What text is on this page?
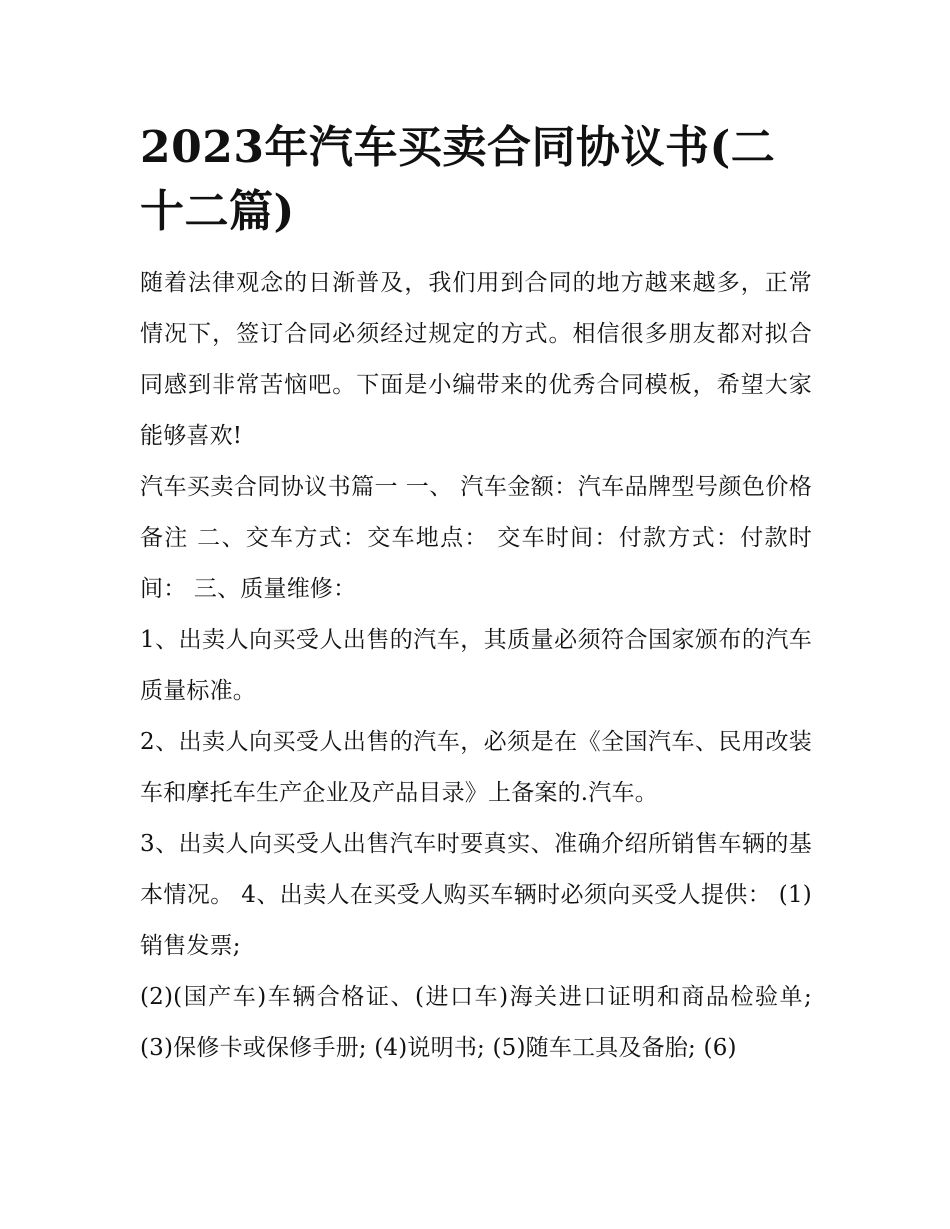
2023年汽车买卖合同协议书(二十二篇)

随着法律观念的日渐普及，我们用到合同的地方越来越多，正常情况下，签订合同必须经过规定的方式。相信很多朋友都对拟合同感到非常苦恼吧。下面是小编带来的优秀合同模板，希望大家能够喜欢!

汽车买卖合同协议书篇一 一、 汽车金额：汽车品牌型号颜色价格备注 二、交车方式：交车地点： 交车时间：付款方式：付款时间： 三、质量维修：

1、出卖人向买受人出售的汽车，其质量必须符合国家颁布的汽车质量标准。

2、出卖人向买受人出售的汽车，必须是在《全国汽车、民用改装车和摩托车生产企业及产品目录》上备案的.汽车。

3、出卖人向买受人出售汽车时要真实、准确介绍所销售车辆的基本情况。 4、出卖人在买受人购买车辆时必须向买受人提供： (1)销售发票;

(2)(国产车)车辆合格证、(进口车)海关进口证明和商品检验单; (3)保修卡或保修手册; (4)说明书; (5)随车工具及备胎; (6)
